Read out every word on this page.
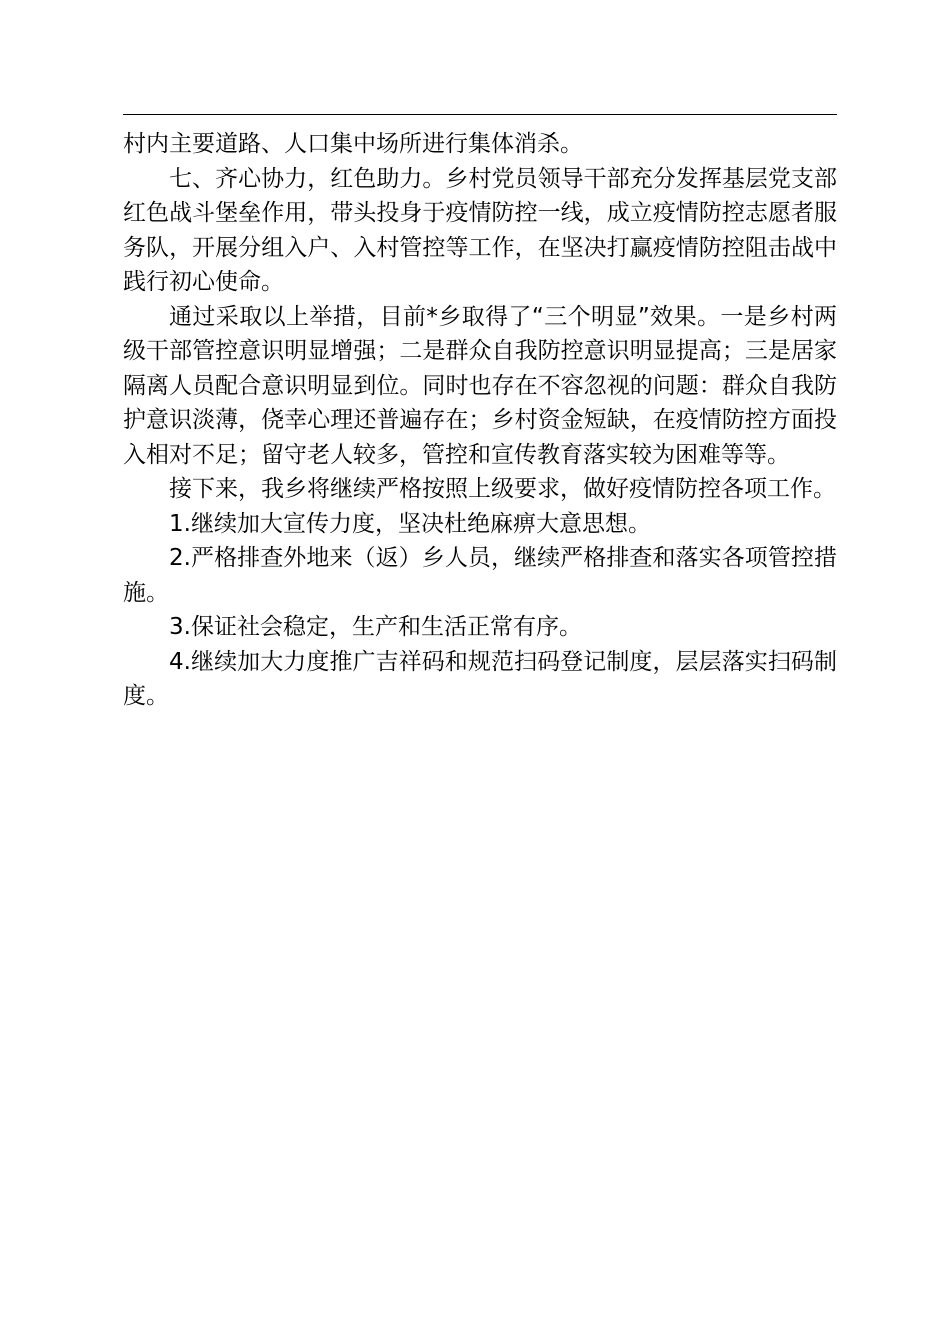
村内主要道路、人口集中场所进行集体消杀。

七、齐心协力，红色助力。乡村党员领导干部充分发挥基层党支部红色战斗堡垒作用，带头投身于疫情防控一线，成立疫情防控志愿者服务队，开展分组入户、入村管控等工作，在坚决打赢疫情防控阻击战中践行初心使命。

通过采取以上举措，目前*乡取得了“三个明显”效果。一是乡村两级干部管控意识明显增强；二是群众自我防控意识明显提高；三是居家隔离人员配合意识明显到位。同时也存在不容忽视的问题：群众自我防护意识淡薄，侥幸心理还普遍存在；乡村资金短缺，在疫情防控方面投入相对不足；留守老人较多，管控和宣传教育落实较为困难等等。

接下来，我乡将继续严格按照上级要求，做好疫情防控各项工作。

1.继续加大宣传力度，坚决杜绝麻痹大意思想。

2.严格排查外地来（返）乡人员，继续严格排查和落实各项管控措施。

3.保证社会稳定，生产和生活正常有序。

4.继续加大力度推广吉祥码和规范扫码登记制度，层层落实扫码制度。
